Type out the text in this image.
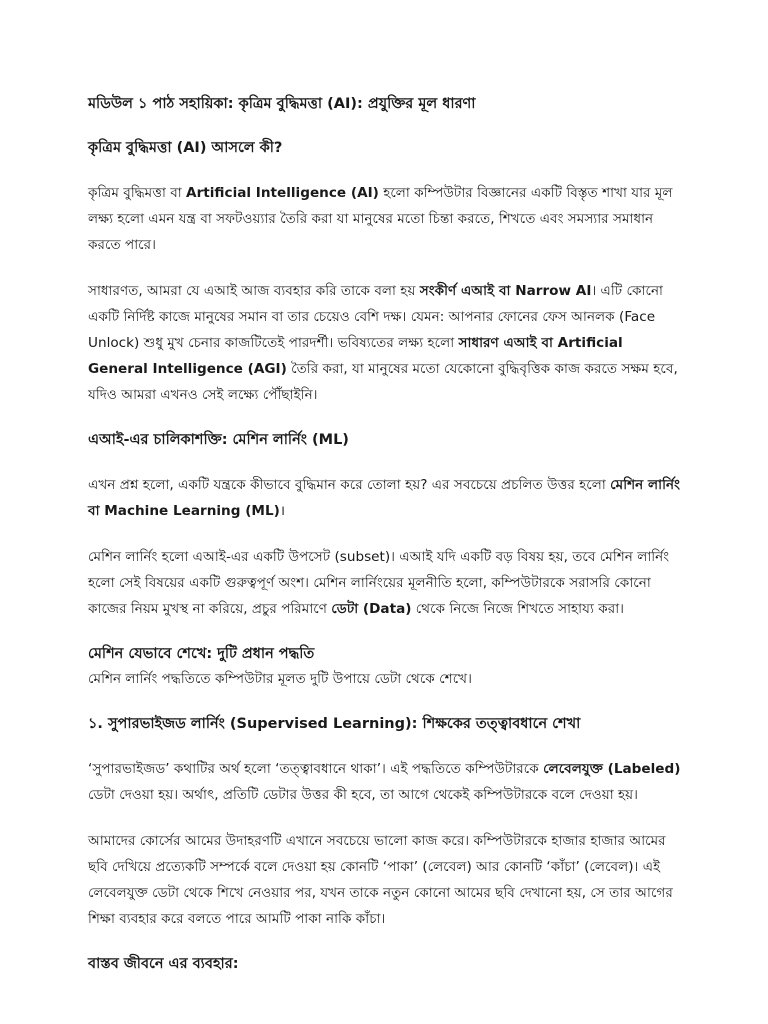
মডিউল ১ পাঠ সহায়িকা: কৃত্রিম বুদ্ধিমত্তা (AI): প্রযুক্তির মূল ধারণা
কৃত্রিম বুদ্ধিমত্তা (AI) আসলে কী?

কৃত্রিম বুদ্ধিমত্তা বা Artificial Intelligence (AI) হলো কম্পিউটার বিজ্ঞানের একটি বিস্তৃত শাখা যার মূল লক্ষ্য হলো এমন যন্ত্র বা সফটওয়্যার তৈরি করা যা মানুষের মতো চিন্তা করতে, শিখতে এবং সমস্যার সমাধান করতে পারে।

সাধারণত, আমরা যে এআই আজ ব্যবহার করি তাকে বলা হয় সংকীর্ণ এআই বা Narrow AI। এটি কোনো একটি নির্দিষ্ট কাজে মানুষের সমান বা তার চেয়েও বেশি দক্ষ। যেমন: আপনার ফোনের ফেস আনলক (Face Unlock) শুধু মুখ চেনার কাজটিতেই পারদর্শী। ভবিষ্যতের লক্ষ্য হলো সাধারণ এআই বা Artificial General Intelligence (AGI) তৈরি করা, যা মানুষের মতো যেকোনো বুদ্ধিবৃত্তিক কাজ করতে সক্ষম হবে, যদিও আমরা এখনও সেই লক্ষ্যে পৌঁছাইনি।

এআই-এর চালিকাশক্তি: মেশিন লার্নিং (ML)

এখন প্রশ্ন হলো, একটি যন্ত্রকে কীভাবে বুদ্ধিমান করে তোলা হয়? এর সবচেয়ে প্রচলিত উত্তর হলো মেশিন লার্নিং বা Machine Learning (ML)।

মেশিন লার্নিং হলো এআই-এর একটি উপসেট (subset)। এআই যদি একটি বড় বিষয় হয়, তবে মেশিন লার্নিং হলো সেই বিষয়ের একটি গুরুত্বপূর্ণ অংশ। মেশিন লার্নিংয়ের মূলনীতি হলো, কম্পিউটারকে সরাসরি কোনো কাজের নিয়ম মুখস্থ না করিয়ে, প্রচুর পরিমাণে ডেটা (Data) থেকে নিজে নিজে শিখতে সাহায্য করা।

মেশিন যেভাবে শেখে: দুটি প্রধান পদ্ধতি

মেশিন লার্নিং পদ্ধতিতে কম্পিউটার মূলত দুটি উপায়ে ডেটা থেকে শেখে।

১. সুপারভাইজড লার্নিং (Supervised Learning): শিক্ষকের তত্ত্বাবধানে শেখা

‘সুপারভাইজড’ কথাটির অর্থ হলো ‘তত্ত্বাবধানে থাকা’। এই পদ্ধতিতে কম্পিউটারকে লেবেলযুক্ত (Labeled) ডেটা দেওয়া হয়। অর্থাৎ, প্রতিটি ডেটার উত্তর কী হবে, তা আগে থেকেই কম্পিউটারকে বলে দেওয়া হয়।

আমাদের কোর্সের আমের উদাহরণটি এখানে সবচেয়ে ভালো কাজ করে। কম্পিউটারকে হাজার হাজার আমের ছবি দেখিয়ে প্রত্যেকটি সম্পর্কে বলে দেওয়া হয় কোনটি ‘পাকা’ (লেবেল) আর কোনটি ‘কাঁচা’ (লেবেল)। এই লেবেলযুক্ত ডেটা থেকে শিখে নেওয়ার পর, যখন তাকে নতুন কোনো আমের ছবি দেখানো হয়, সে তার আগের শিক্ষা ব্যবহার করে বলতে পারে আমটি পাকা নাকি কাঁচা।

বাস্তব জীবনে এর ব্যবহার:
